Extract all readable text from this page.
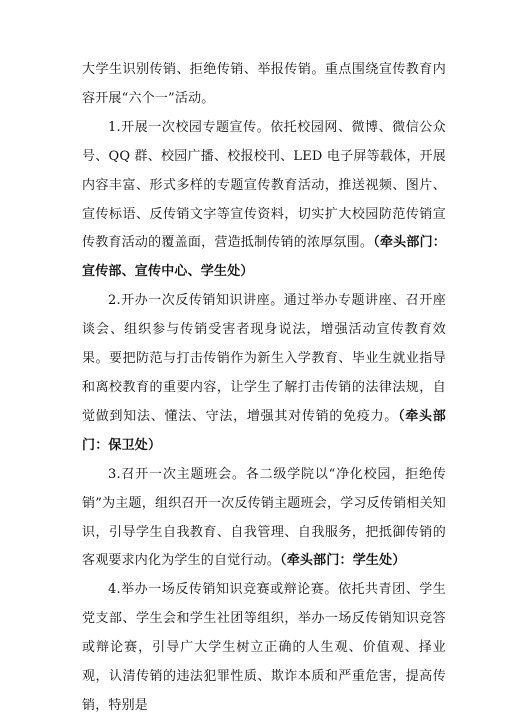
大学生识别传销、拒绝传销、举报传销。重点围绕宣传教育内容开展“六个一”活动。

1.开展一次校园专题宣传。依托校园网、微博、微信公众号、QQ 群、校园广播、校报校刊、LED 电子屏等载体，开展内容丰富、形式多样的专题宣传教育活动，推送视频、图片、宣传标语、反传销文字等宣传资料，切实扩大校园防范传销宣传教育活动的覆盖面，营造抵制传销的浓厚氛围。（牵头部门：宣传部、宣传中心、学生处）

2.开办一次反传销知识讲座。通过举办专题讲座、召开座谈会、组织参与传销受害者现身说法，增强活动宣传教育效果。要把防范与打击传销作为新生入学教育、毕业生就业指导和离校教育的重要内容，让学生了解打击传销的法律法规，自觉做到知法、懂法、守法，增强其对传销的免疫力。（牵头部门：保卫处）

3.召开一次主题班会。各二级学院以“净化校园，拒绝传销”为主题，组织召开一次反传销主题班会，学习反传销相关知识，引导学生自我教育、自我管理、自我服务，把抵御传销的客观要求内化为学生的自觉行动。（牵头部门：学生处）

4.举办一场反传销知识竞赛或辩论赛。依托共青团、学生党支部、学生会和学生社团等组织，举办一场反传销知识竞答或辩论赛，引导广大学生树立正确的人生观、价值观、择业观，认清传销的违法犯罪性质、欺诈本质和严重危害，提高传销，特别是
